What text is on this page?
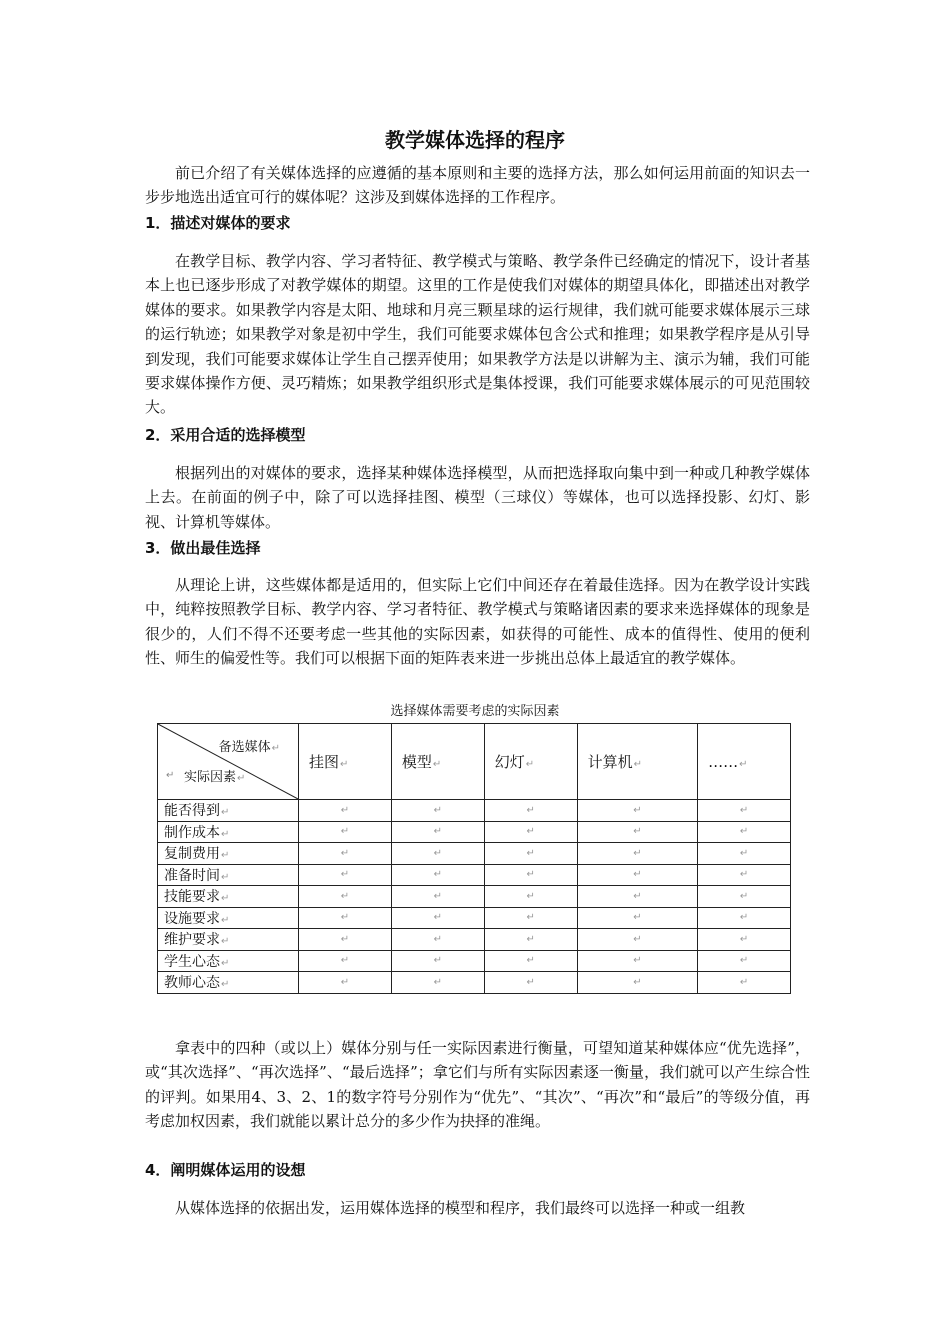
教学媒体选择的程序

前已介绍了有关媒体选择的应遵循的基本原则和主要的选择方法，那么如何运用前面的知识去一步步地选出适宜可行的媒体呢？这涉及到媒体选择的工作程序。

1．描述对媒体的要求

在教学目标、教学内容、学习者特征、教学模式与策略、教学条件已经确定的情况下，设计者基本上也已逐步形成了对教学媒体的期望。这里的工作是使我们对媒体的期望具体化，即描述出对教学媒体的要求。如果教学内容是太阳、地球和月亮三颗星球的运行规律，我们就可能要求媒体展示三球的运行轨迹；如果教学对象是初中学生，我们可能要求媒体包含公式和推理；如果教学程序是从引导到发现，我们可能要求媒体让学生自己摆弄使用；如果教学方法是以讲解为主、演示为辅，我们可能要求媒体操作方便、灵巧精炼；如果教学组织形式是集体授课，我们可能要求媒体展示的可见范围较大。

2．采用合适的选择模型

根据列出的对媒体的要求，选择某种媒体选择模型，从而把选择取向集中到一种或几种教学媒体上去。在前面的例子中，除了可以选择挂图、模型（三球仪）等媒体，也可以选择投影、幻灯、影视、计算机等媒体。

3．做出最佳选择

从理论上讲，这些媒体都是适用的，但实际上它们中间还存在着最佳选择。因为在教学设计实践中，纯粹按照教学目标、教学内容、学习者特征、教学模式与策略诸因素的要求来选择媒体的现象是很少的，人们不得不还要考虑一些其他的实际因素，如获得的可能性、成本的值得性、使用的便利性、师生的偏爱性等。我们可以根据下面的矩阵表来进一步挑出总体上最适宜的教学媒体。

选择媒体需要考虑的实际因素
备选媒体↵
↵ 实际因素↵	挂图↵	模型↵	幻灯↵	计算机↵	……↵
能否得到↵	↵	↵	↵	↵	↵
制作成本↵	↵	↵	↵	↵	↵
复制费用↵	↵	↵	↵	↵	↵
准备时间↵	↵	↵	↵	↵	↵
技能要求↵	↵	↵	↵	↵	↵
设施要求↵	↵	↵	↵	↵	↵
维护要求↵	↵	↵	↵	↵	↵
学生心态↵	↵	↵	↵	↵	↵
教师心态↵	↵	↵	↵	↵	↵

拿表中的四种（或以上）媒体分别与任一实际因素进行衡量，可望知道某种媒体应“优先选择”，或“其次选择”、“再次选择”、“最后选择”；拿它们与所有实际因素逐一衡量，我们就可以产生综合性的评判。如果用4、3、2、1的数字符号分别作为“优先”、“其次”、“再次”和“最后”的等级分值，再考虑加权因素，我们就能以累计总分的多少作为抉择的准绳。

4．阐明媒体运用的设想

从媒体选择的依据出发，运用媒体选择的模型和程序，我们最终可以选择一种或一组教
